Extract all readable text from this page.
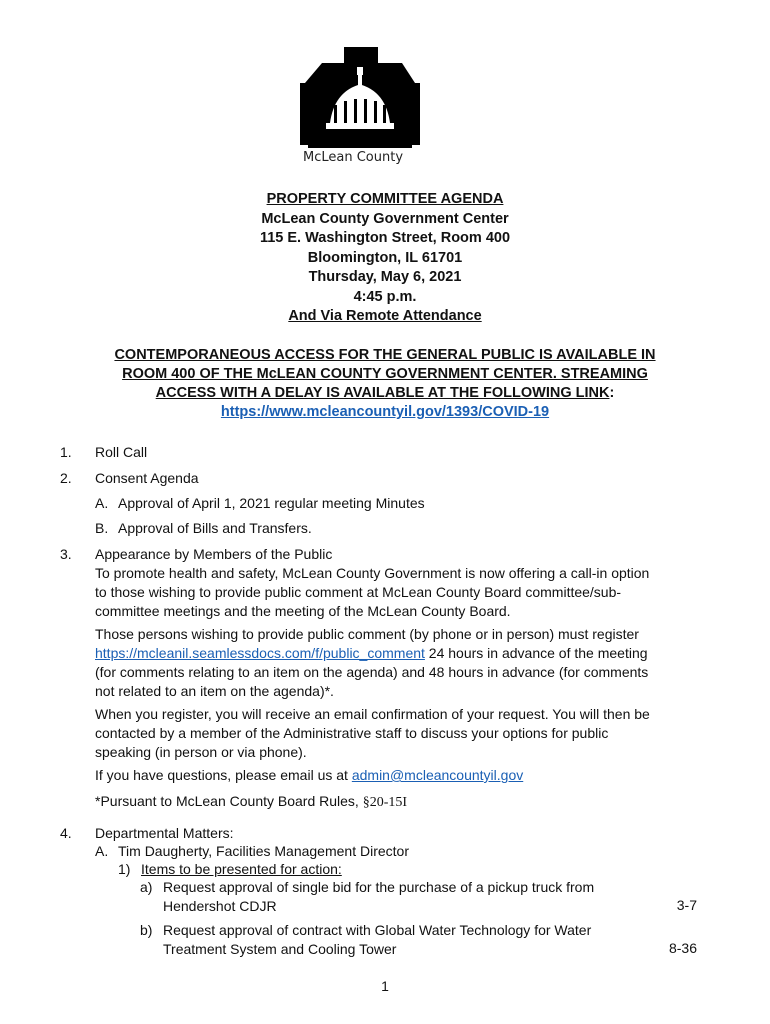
McLean County
PROPERTY COMMITTEE AGENDA
McLean County Government Center
115 E. Washington Street, Room 400
Bloomington, IL 61701
Thursday, May 6, 2021
4:45 p.m.
And Via Remote Attendance
CONTEMPORANEOUS ACCESS FOR THE GENERAL PUBLIC IS AVAILABLE IN
ROOM 400 OF THE McLEAN COUNTY GOVERNMENT CENTER. STREAMING
ACCESS WITH A DELAY IS AVAILABLE AT THE FOLLOWING LINK:
https://www.mcleancountyil.gov/1393/COVID-19
1. Roll Call
2. Consent Agenda
A. Approval of April 1, 2021 regular meeting Minutes
B. Approval of Bills and Transfers.
3. Appearance by Members of the Public
To promote health and safety, McLean County Government is now offering a call-in option
to those wishing to provide public comment at McLean County Board committee/sub-
committee meetings and the meeting of the McLean County Board.
Those persons wishing to provide public comment (by phone or in person) must register
https://mcleanil.seamlessdocs.com/f/public_comment 24 hours in advance of the meeting
(for comments relating to an item on the agenda) and 48 hours in advance (for comments
not related to an item on the agenda)*.
When you register, you will receive an email confirmation of your request. You will then be
contacted by a member of the Administrative staff to discuss your options for public
speaking (in person or via phone).
If you have questions, please email us at admin@mcleancountyil.gov
*Pursuant to McLean County Board Rules, §20-15I
4. Departmental Matters:
A. Tim Daugherty, Facilities Management Director
1) Items to be presented for action:
a) Request approval of single bid for the purchase of a pickup truck from
Hendershot CDJR	3-7
b) Request approval of contract with Global Water Technology for Water
Treatment System and Cooling Tower	8-36
1
